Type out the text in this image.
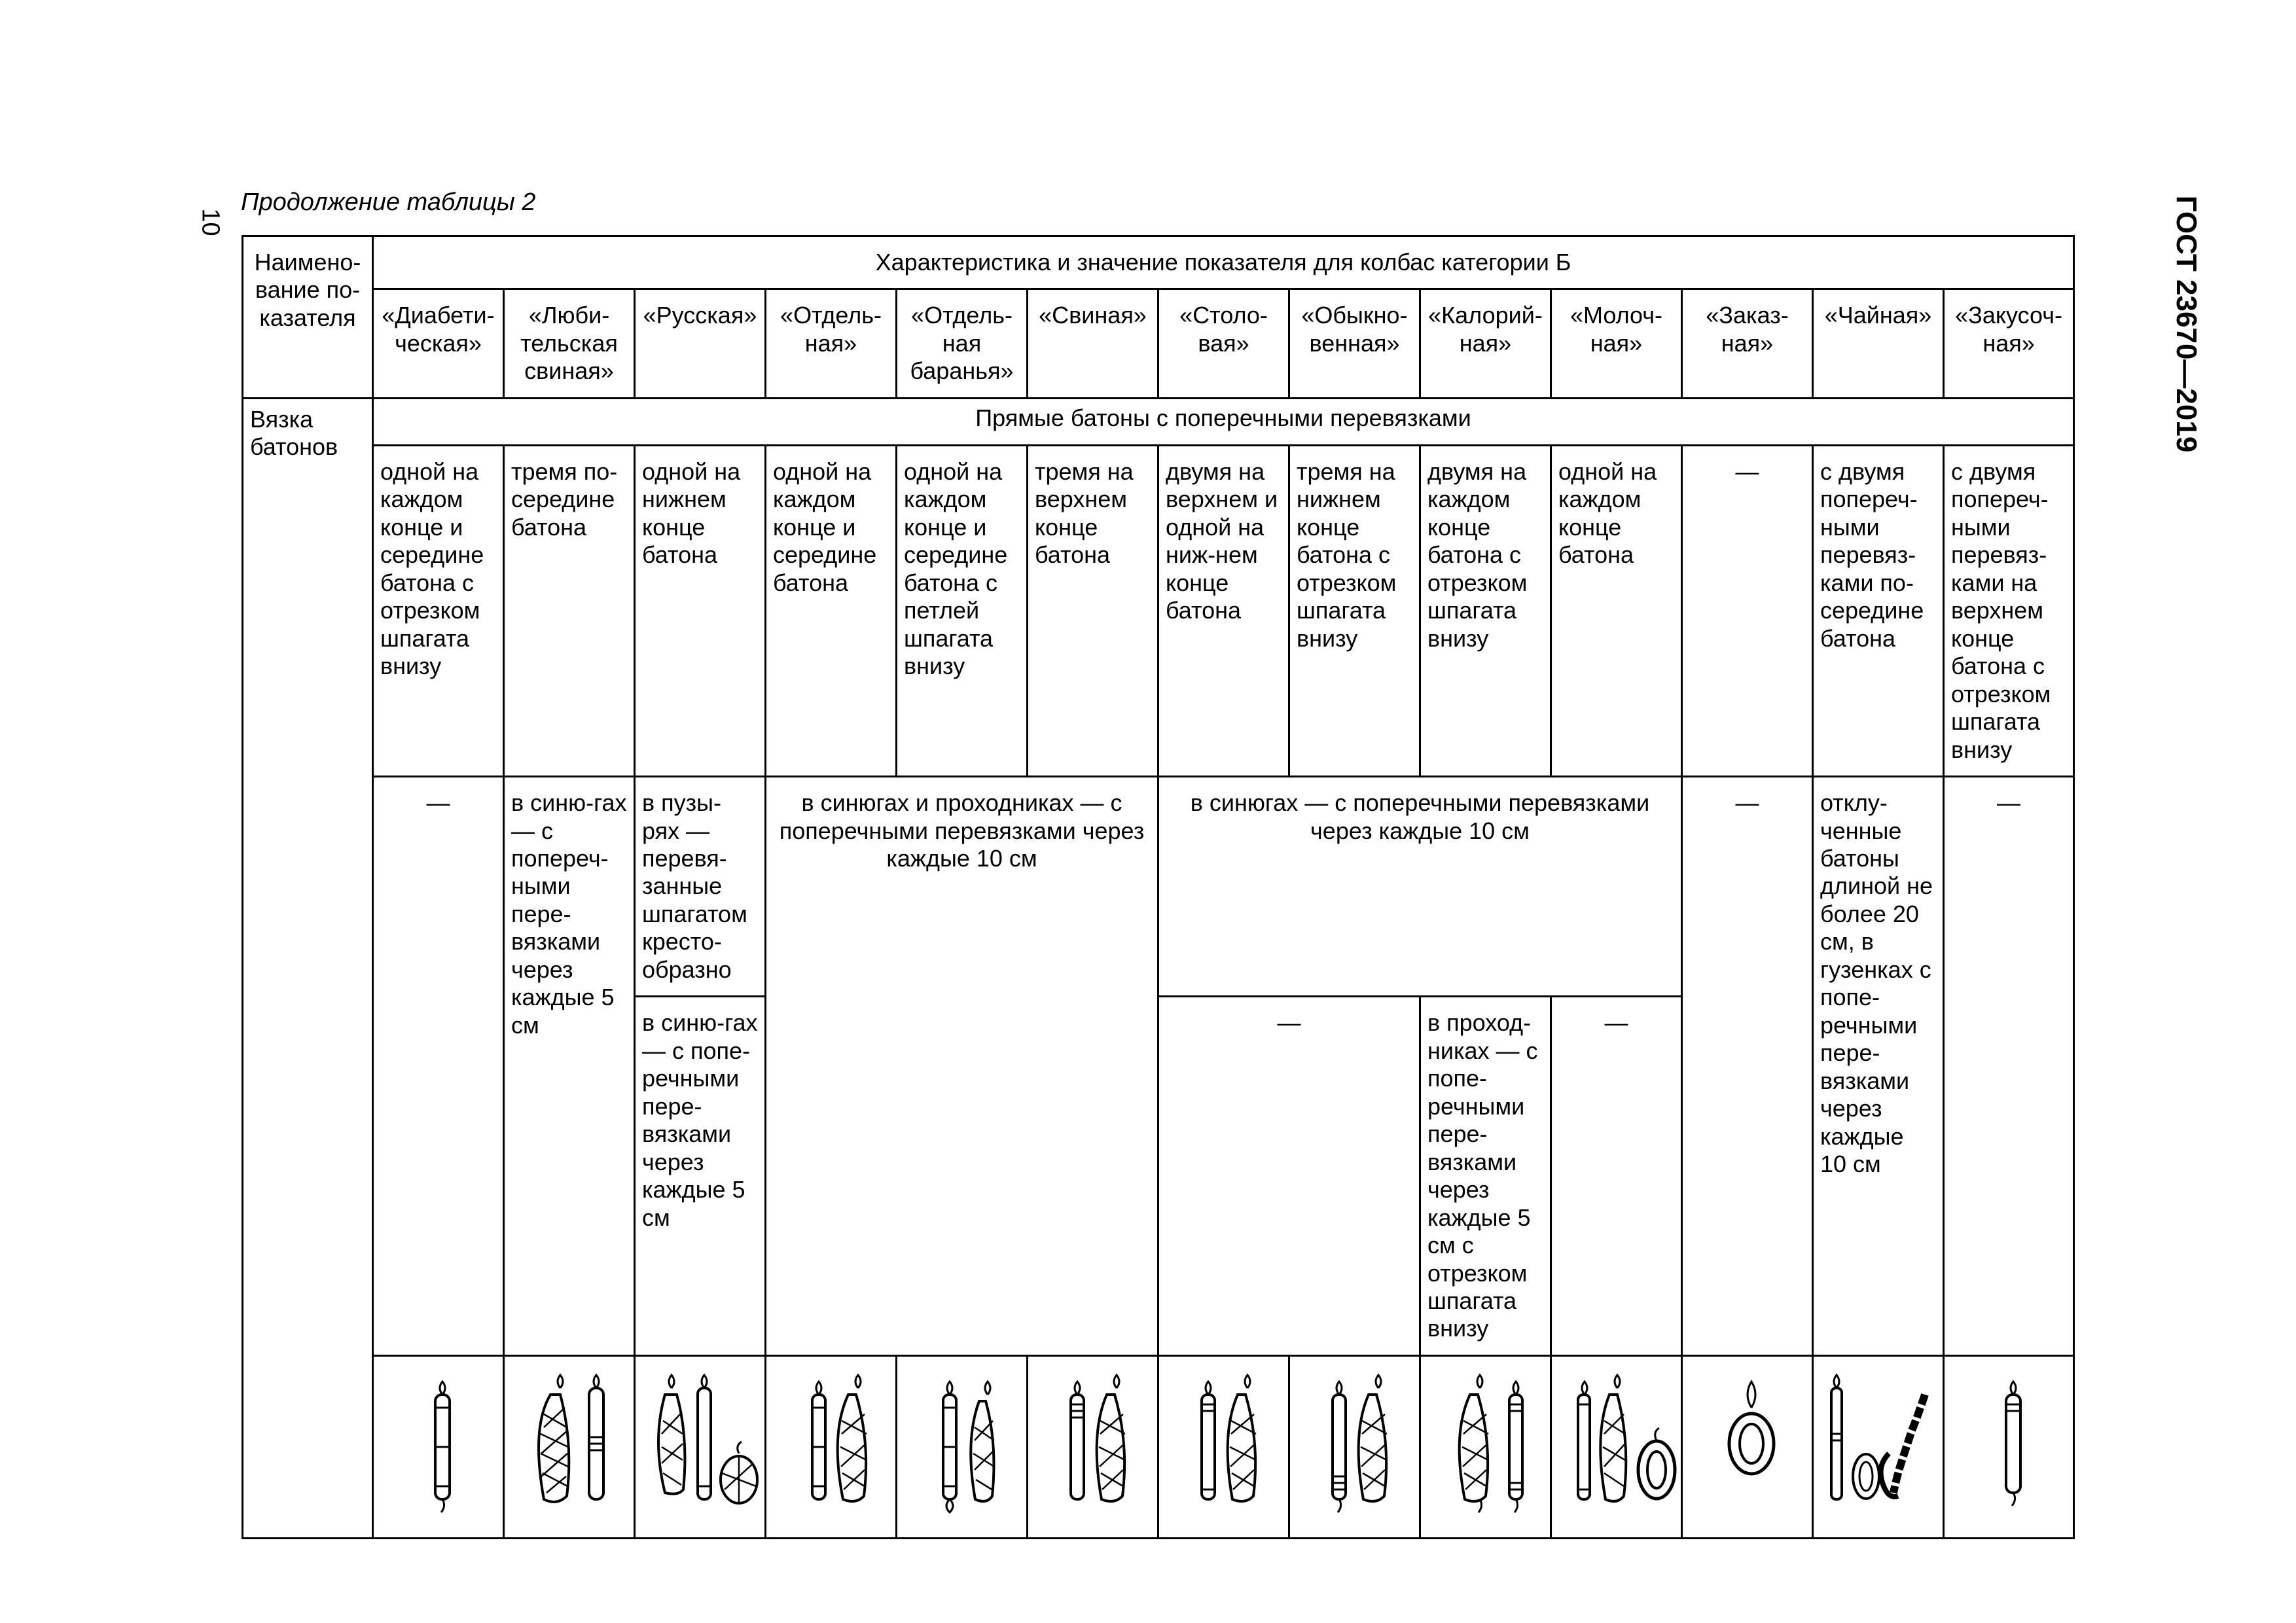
10
Продолжение таблицы 2	ГОСТ 23670—2019
Наимено-вание по-казателя	Характеристика и значение показателя для колбас категории Б												
	«Диабети-ческая»	«Люби-тельская свиная»	«Русская»	«Отдель-ная»	«Отдель-ная баранья»	«Свиная»	«Столо-вая»	«Обыкно-венная»	«Калорий-ная»	«Молоч-ная»	«Заказ-ная»	«Чайная»	«Закусоч-ная»
Вязка батонов	Прямые батоны с поперечными перевязками												
	одной на каждом конце и середине батона с отрезком шпагата внизу	тремя по-середине батона	одной на нижнем конце батона	одной на каждом конце и середине батона	одной на каждом конце и середине батона с петлей шпагата внизу	тремя на верхнем конце батона	двумя на верхнем и одной на ниж-нем конце батона	тремя на нижнем конце батона с отрезком шпагата внизу	двумя на каждом конце батона с отрезком шпагата внизу	одной на каждом конце батона	—	с двумя попереч-ными перевяз-ками по-середине батона	с двумя попереч-ными перевяз-ками на верхнем конце батона с отрезком шпагата внизу
	—	в синю-гах — с попереч-ными пере-вязками через каждые 5 см	в пузы-рях — перевя-занные шпагатом кресто-образно	в синюгах и проходниках — с поперечными перевязками через каждые 10 см			в синюгах — с поперечными перевязками через каждые 10 см				—	отклу-ченные батоны длиной не более 20 см, в гузенках с попе-речными пере-вязками через каждые 10 см	—
			в синю-гах — с попе-речными пере-вязками через каждые 5 см				—		в проход-никах — с попе-речными пере-вязками через каждые 5 см с отрезком шпагата внизу	—			
